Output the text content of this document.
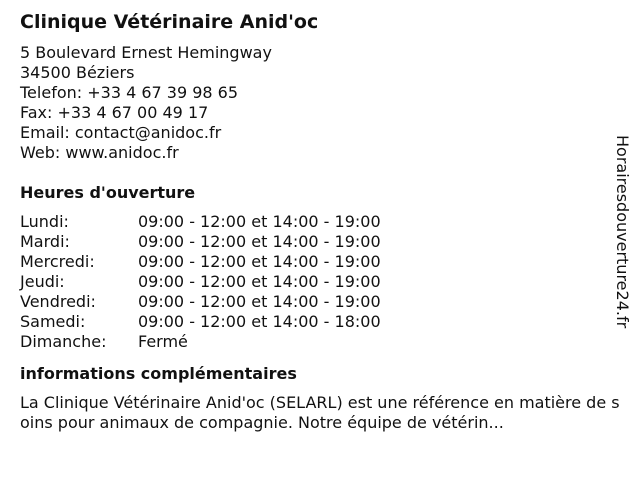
Clinique Vétérinaire Anid'oc
5 Boulevard Ernest Hemingway
34500 Béziers
Telefon: +33 4 67 39 98 65
Fax: +33 4 67 00 49 17
Email: contact@anidoc.fr
Web: www.anidoc.fr
Heures d'ouverture
Lundi:	09:00 - 12:00 et 14:00 - 19:00
Mardi:	09:00 - 12:00 et 14:00 - 19:00
Mercredi:	09:00 - 12:00 et 14:00 - 19:00
Jeudi:	09:00 - 12:00 et 14:00 - 19:00
Vendredi:	09:00 - 12:00 et 14:00 - 19:00
Samedi:	09:00 - 12:00 et 14:00 - 18:00
Dimanche:	Fermé
informations complémentaires
La Clinique Vétérinaire Anid'oc (SELARL) est une référence en matière de soins pour animaux de compagnie. Notre équipe de vétérin...
Horairesdouverture24.fr
